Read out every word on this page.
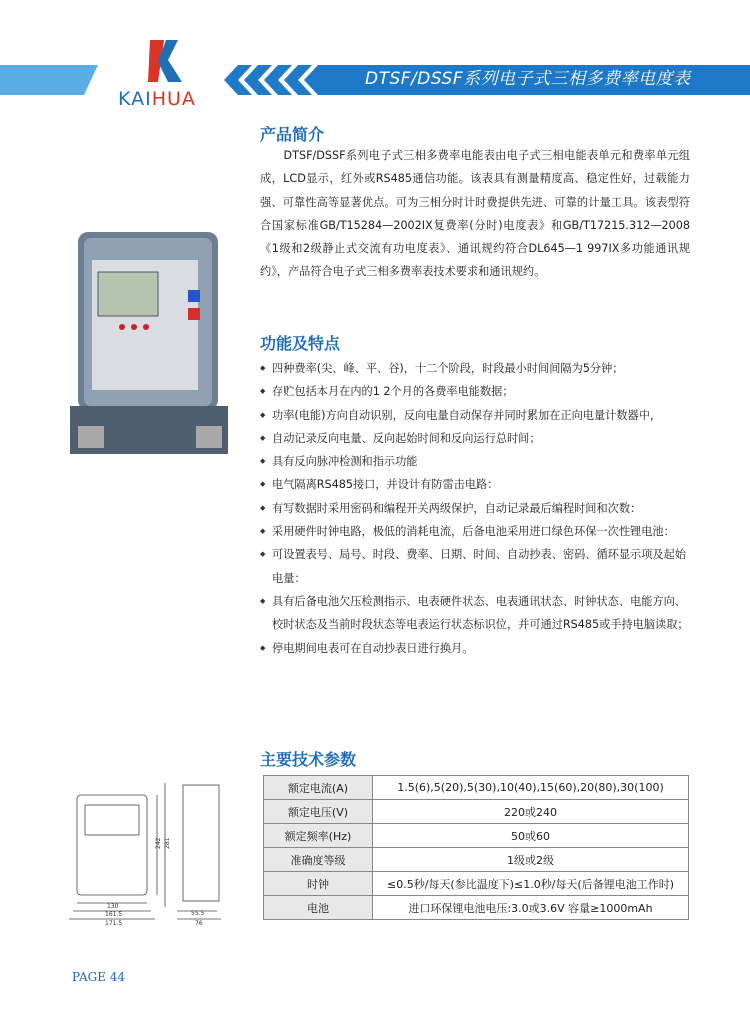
KAIHUA
DTSF/DSSF系列电子式三相多费率电度表
产品简介

DTSF/DSSF系列电子式三相多费率电能表由电子式三相电能表单元和费率单元组成，LCD显示，红外或RS485通信功能。该表具有测量精度高、稳定性好，过载能力强、可靠性高等显著优点。可为三相分时计时费提供先进、可靠的计量工具。该表型符合国家标准GB/T15284—2002IX复费率(分时)电度表》和GB/T17215.312—2008《1级和2级静止式交流有功电度表》、通讯规约符合DL645—1 997IX多功能通讯规约》，产品符合电子式三相多费率表技术要求和通讯规约。

功能及特点
◆ 四种费率(尖、峰、平、谷)，十二个阶段，时段最小时间间隔为5分钟；
◆ 存贮包括本月在内的1 2个月的各费率电能数据；
◆ 功率(电能)方向自动识别，反向电量自动保存并同时累加在正向电量计数器中，
◆ 自动记录反向电量、反向起始时间和反向运行总时间；
◆ 具有反向脉冲检测和指示功能
◆ 电气隔离RS485接口，并设计有防雷击电路：
◆ 有写数据时采用密码和编程开关两级保护，自动记录最后编程时间和次数：
◆ 采用硬件时钟电路，极低的消耗电流，后备电池采用进口绿色环保一次性锂电池：
◆ 可设置表号、局号、时段、费率、日期、时间、自动抄表、密码、循环显示项及起始电量：
◆ 具有后备电池欠压检测指示、电表硬件状态、电表通讯状态、时钟状态、电能方向、校时状态及当前时段状态等电表运行状态标识位，并可通过RS485或手持电脑读取；
◆ 停电期间电表可在自动抄表日进行换月。
主要技术参数
额定电流(A)	1.5(6),5(20),5(30),10(40),15(60),20(80),30(100)
额定电压(V)	220或240
额定频率(Hz)	50或60
准确度等级	1级或2级
时钟	≤0.5秒/每天(参比温度下)≤1.0秒/每天(后备锂电池工作时)
电池	进口环保锂电池电压:3.0或3.6V 容量≥1000mAh
130
161.5
171.5
55.5
76
281
242
PAGE 44
